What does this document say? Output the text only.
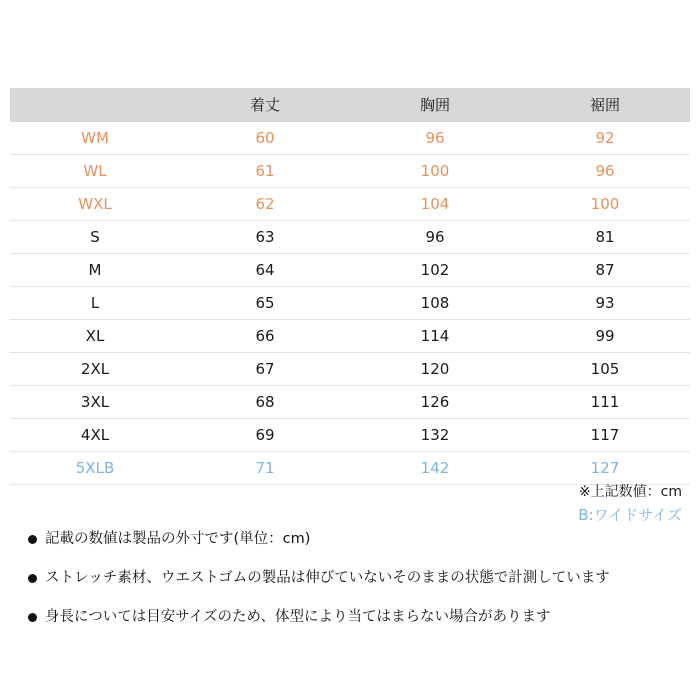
	着丈	胸囲	裾囲
WM	60	96	92
WL	61	100	96
WXL	62	104	100
S	63	96	81
M	64	102	87
L	65	108	93
XL	66	114	99
2XL	67	120	105
3XL	68	126	111
4XL	69	132	117
5XLB	71	142	127
※上記数値：cm
B:ワイドサイズ
記載の数値は製品の外寸です(単位：cm)
ストレッチ素材、ウエストゴムの製品は伸びていないそのままの状態で計測しています
身長については目安サイズのため、体型により当てはまらない場合があります
